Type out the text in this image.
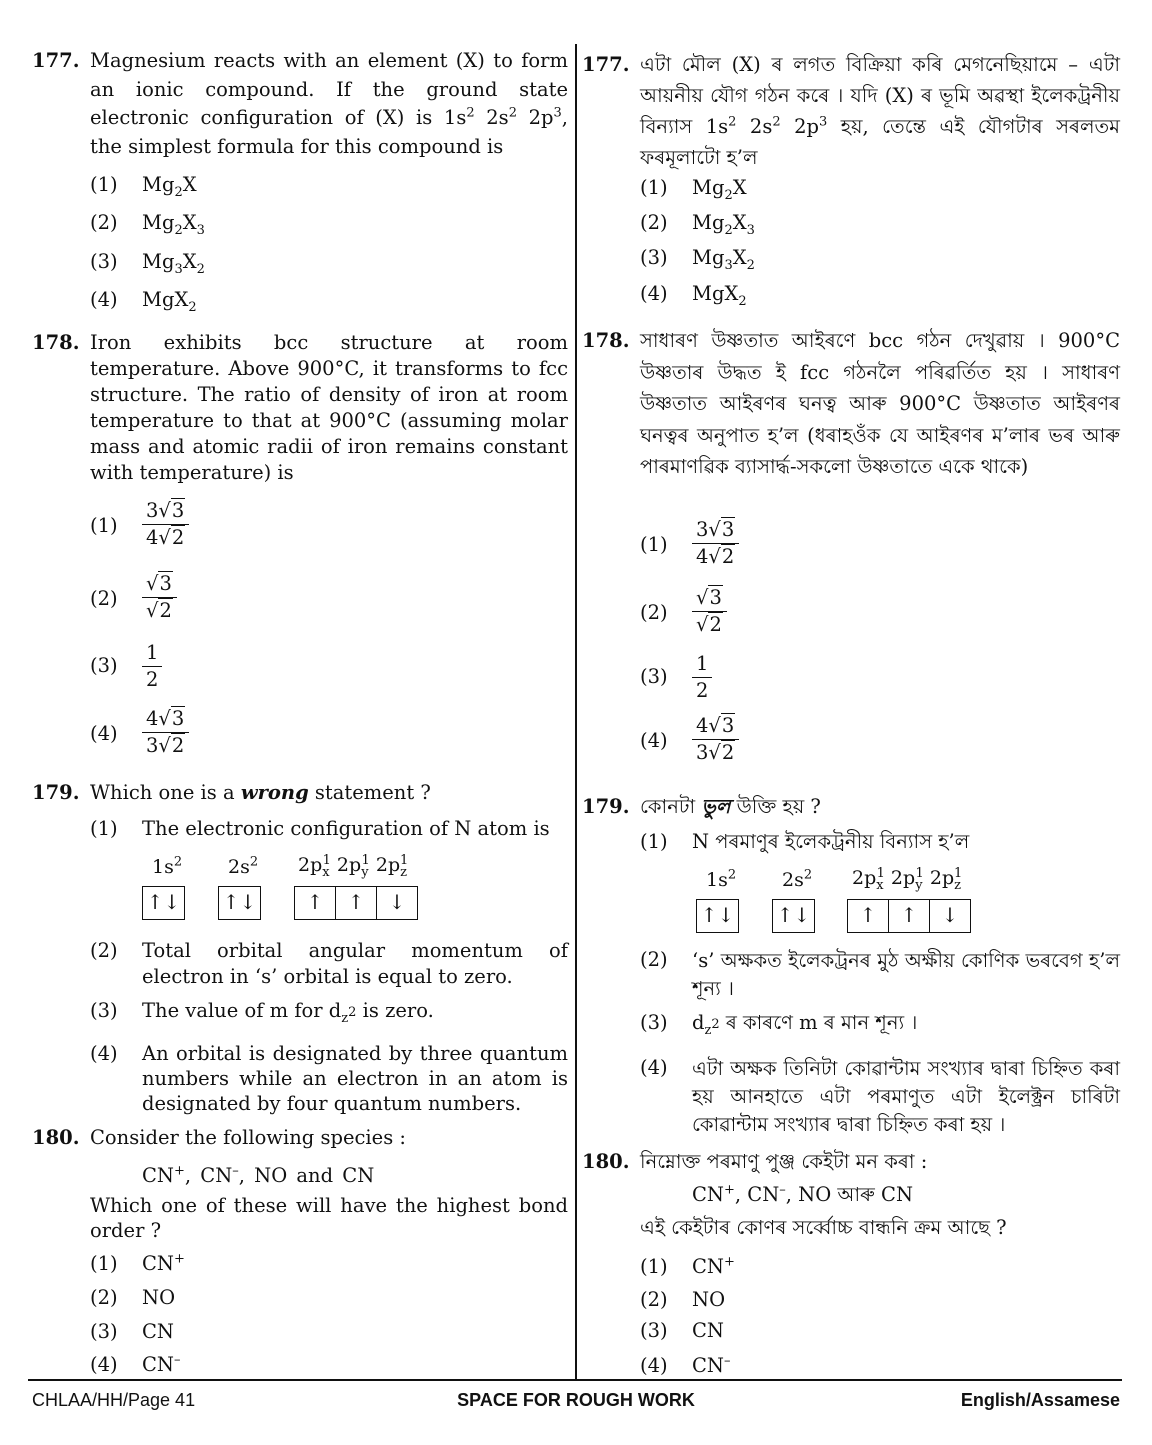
177. Magnesium reacts with an element (X) to form an ionic compound. If the ground state electronic configuration of (X) is $1s^2$ $2s^2$ $2p^3$, the simplest formula for this compound is
(1) $Mg_2X$
(2) $Mg_2X_3$
(3) $Mg_3X_2$
(4) MgX$_2$
178. Iron exhibits bcc structure at room temperature. Above 900°C, it transforms to fcc structure. The ratio of density of iron at room temperature to that at 900°C (assuming molar mass and atomic radii of iron remains constant with temperature) is
$(1) \frac{3√3}{4√2}$
$(2) \frac{√3}{√2}$
$(3) \frac{1}{2}$
$(4) \frac{4√3}{3√2}$
179. Which one is a wrong statement ?
(1) The electronic configuration of N atom is
$1s^2$ $2s^2$ $2p_x^1$ $2p_y^1$ $2p_z^1$
↑↓ ↑↓	↑	↑	↓
(2) Total orbital angular momentum of electron in ‘s’ orbital is equal to zero.
(3) The value of m for $d_z^2$ is zero.
(4) An orbital is designated by three quantum numbers while an electron in an atom is designated by four quantum numbers.
180. Consider the following species :
CN+, CN–, NO and CN
Which one of these will have the highest bond order ?
(1) CN+
(2) NO
(3) CN
(4) CN–
177. এটা মৌল (X) ৰ লগত বিক্ৰিয়া কৰি মেগনেছিয়ামে – এটা আয়নীয় যৌগ গঠন কৰে । যদি (X) ৰ ভূমি অৱস্থা ইলেকট্ৰনীয় বিন্যাস $1s^2$ $2s^2$ $2p^3$ হয়, তেন্তে এই যৌগটাৰ সৰলতম ফৰমূলাটো হ’ল
(1) $Mg_2X$
(2) $Mg_2X_3$
(3) $Mg_3X_2$
(4) MgX$_2$
178. সাধাৰণ উষ্ণতাত আইৰণে bcc গঠন দেখুৱায় । 900°C উষ্ণতাৰ উদ্ধত ই fcc গঠনলৈ পৰিৱৰ্তিত হয় । সাধাৰণ উষ্ণতাত আইৰণৰ ঘনত্ব আৰু 900°C উষ্ণতাত আইৰণৰ ঘনত্বৰ অনুপাত হ’ল (ধৰাহওঁক যে আইৰণৰ ম’লাৰ ভৰ আৰু পাৰমাণৱিক ব্যাসাৰ্দ্ধ-সকলো উষ্ণতাতে একে থাকে)
$(1) \frac{3√3}{4√2}$
$(2) \frac{√3}{√2}$
$(3) \frac{1}{2}$
$(4) \frac{4√3}{3√2}$
179. কোনটা ভুল উক্তি হয় ?
(1) N পৰমাণুৰ ইলেকট্ৰনীয় বিন্যাস হ’ল
$1s^2$ $2s^2$ $2p_x^1$ $2p_y^1$ $2p_z^1$
↑↓ ↑↓	↑	↑	↓
(2) ‘s’ অক্ষকত ইলেকট্ৰনৰ মুঠ অক্ষীয় কোণিক ভৰবেগ হ’ল শূন্য ।
(3) $d_z^2$ ৰ কাৰণে m ৰ মান শূন্য ।
(4) এটা অক্ষক তিনিটা কোৱান্টাম সংখ্যাৰ দ্বাৰা চিহ্নিত কৰা হয় আনহাতে এটা পৰমাণুত এটা ইলেক্ট্ৰন চাৰিটা কোৱান্টাম সংখ্যাৰ দ্বাৰা চিহ্নিত কৰা হয় ।
180. নিম্নোক্ত পৰমাণু পুঞ্জ কেইটা মন কৰা :
CN+, CN–, NO আৰু CN
এই কেইটাৰ কোণৰ সৰ্ব্বোচ্চ বান্ধনি ক্ৰম আছে ?
(1) CN+
(2) NO
(3) CN
(4) CN–
CHLAA/HH/Page 41	SPACE FOR ROUGH WORK	English/Assamese
